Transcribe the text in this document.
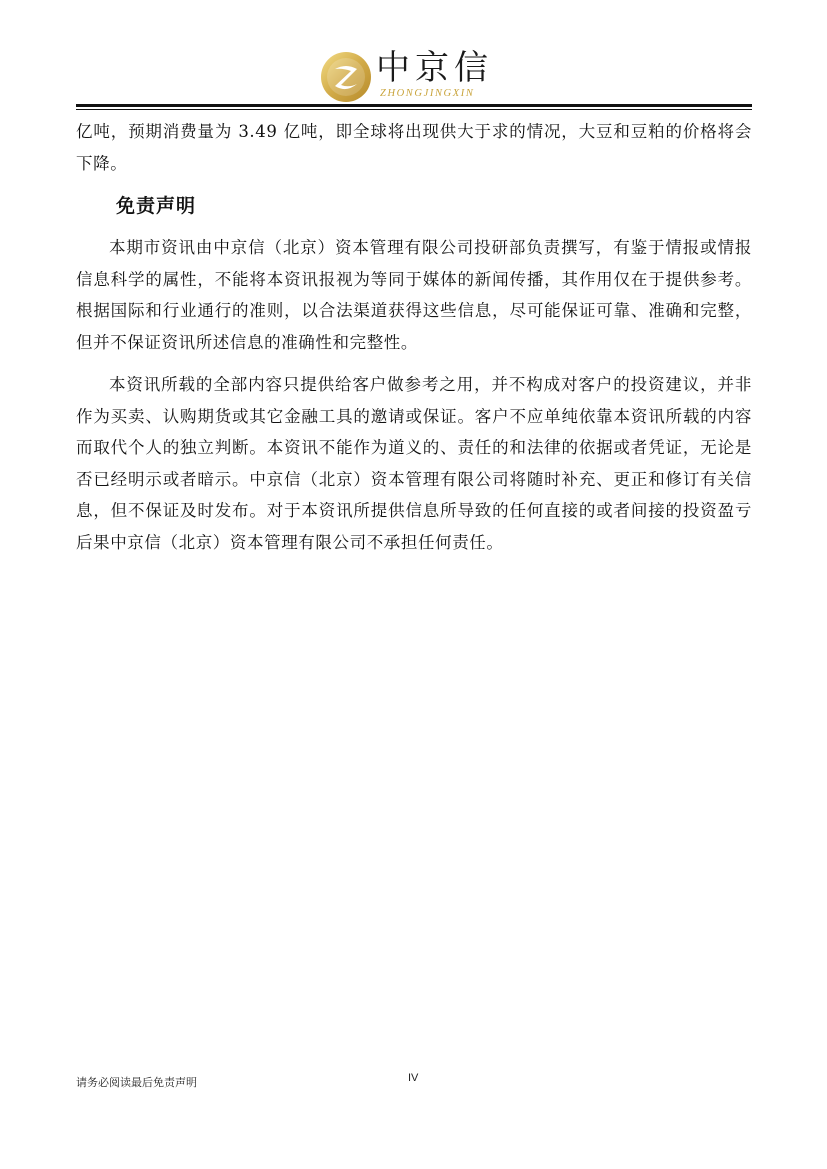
中京信
ZHONGJINGXIN

亿吨，预期消费量为 3.49 亿吨，即全球将出现供大于求的情况，大豆和豆粕的价格将会下降。

免责声明

本期市资讯由中京信（北京）资本管理有限公司投研部负责撰写，有鉴于情报或情报信息科学的属性，不能将本资讯报视为等同于媒体的新闻传播，其作用仅在于提供参考。根据国际和行业通行的准则，以合法渠道获得这些信息，尽可能保证可靠、准确和完整，但并不保证资讯所述信息的准确性和完整性。

本资讯所载的全部内容只提供给客户做参考之用，并不构成对客户的投资建议，并非作为买卖、认购期货或其它金融工具的邀请或保证。客户不应单纯依靠本资讯所载的内容而取代个人的独立判断。本资讯不能作为道义的、责任的和法律的依据或者凭证，无论是否已经明示或者暗示。中京信（北京）资本管理有限公司将随时补充、更正和修订有关信息，但不保证及时发布。对于本资讯所提供信息所导致的任何直接的或者间接的投资盈亏后果中京信（北京）资本管理有限公司不承担任何责任。

请务必阅读最后免责声明	IV
